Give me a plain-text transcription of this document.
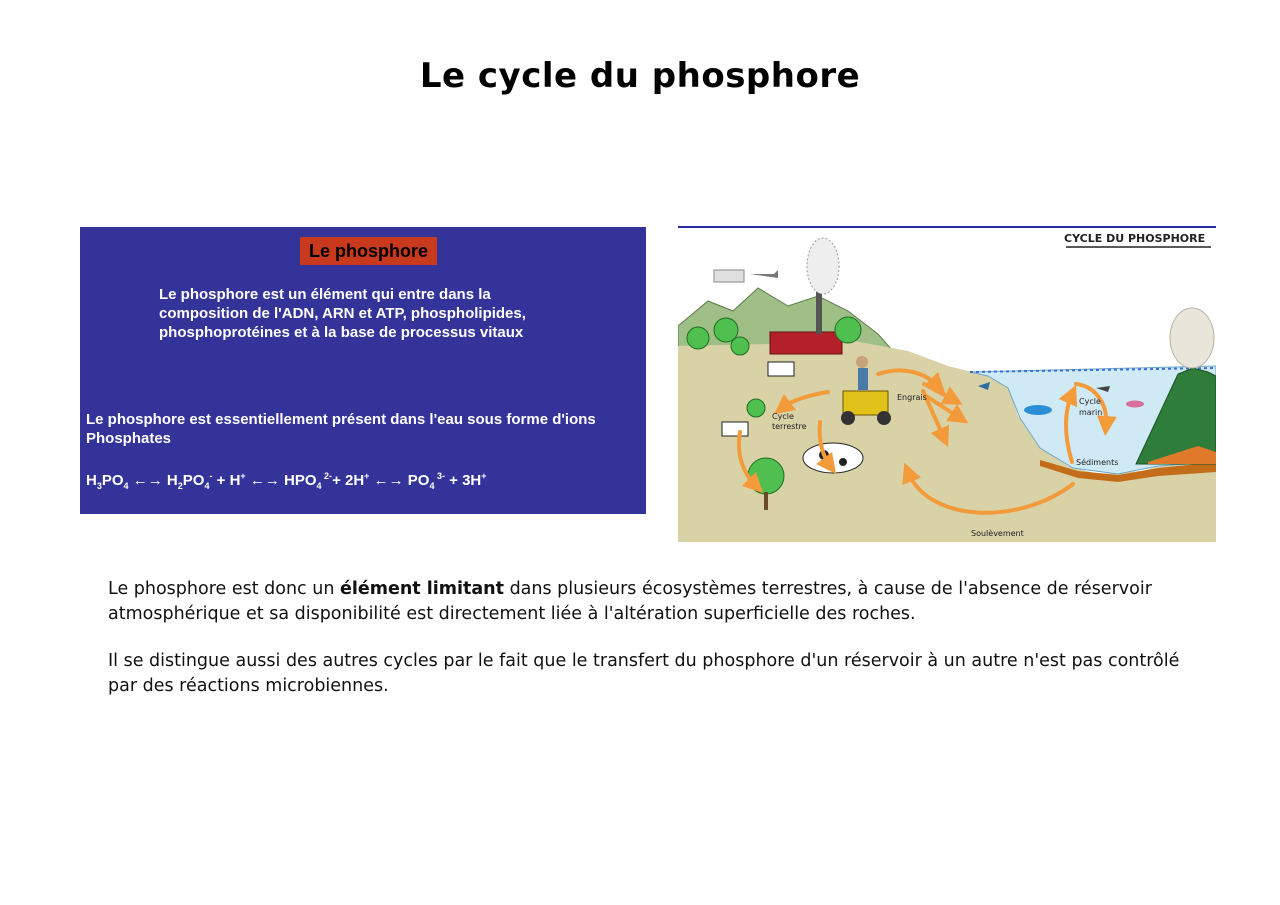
Le cycle du phosphore
Le phosphore
Le phosphore est un élément qui entre dans la composition de l'ADN, ARN et ATP, phospholipides, phosphoprotéines et à la base de processus vitaux
Le phosphore est essentiellement présent dans l'eau sous forme d'ions Phosphates
$H_3PO_4$ ←→ $H_2PO_4^- + H^+$ ←→ $HPO_4$ $^{2-}$+ 2H+ ←→ $PO_4$ $^{3-}$ + 3H+
CYCLE DU PHOSPHORE
Engrais
Cycle
terrestre
Cycle
marin
Sédiments
Soulèvement

Le phosphore est donc un élément limitant dans plusieurs écosystèmes terrestres, à cause de l'absence de réservoir atmosphérique et sa disponibilité est directement liée à l'altération superficielle des roches.

Il se distingue aussi des autres cycles par le fait que le transfert du phosphore d'un réservoir à un autre n'est pas contrôlé par des réactions microbiennes.
